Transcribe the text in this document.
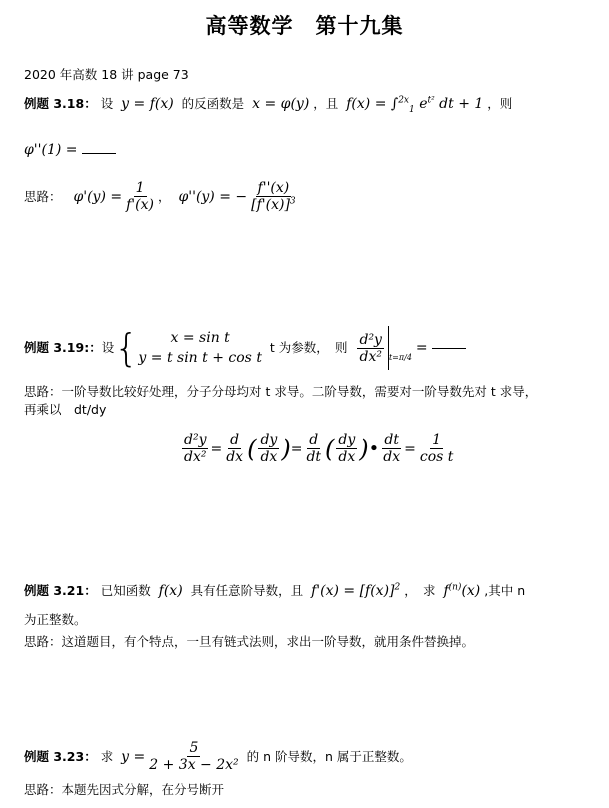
高等数学　第十九集
2020 年高数 18 讲 page 73
例题 3.18： 设 y = f(x) 的反函数是 x = φ(y) ，且 f(x) = ∫$^{2x}_1$ $e^{t^2}$ dt + 1 ，则
φ''(1) =
思路：
$\varphi'(y) = \frac{1}{f'(x)}$ ，
φ''(y) = − $\frac{f''(x)}{[f'(x)]^3}$
例题 3.19:： 设 {	x = sin t
y = t sin t + cos t

t 为参数，　则
$\frac{\text{d²y}}{\text{dx²}} t=\pi/4$

=
思路：一阶导数比较好处理，分子分母均对 t 求导。二阶导数，需要对一阶导数先对 t 求导，
再乘以　dt/dy
$\frac{\text{d²y}}{\text{dx²}} = \frac{d}{dx}$ ( $\frac{dy}{dx}$ ) = $\frac{d}{dt}$ ( $\frac{dy}{dx}$ ) • $\frac{dt}{dx} = \frac{1}{\text{cos t}}$
例题 3.21： 已知函数 f(x) 具有任意阶导数，且 $f'(x) = [f(x)]^2$ ，　求 $f^{(n)}(x)$ ,其中 n
为正整数。
思路：这道题目，有个特点，一旦有链式法则，求出一阶导数，就用条件替换掉。
例题 3.23：
求
$y = \frac{5}{\text{2 + 3x − 2x²}}$
的 n 阶导数，n 属于正整数。
思路：本题先因式分解，在分号断开
